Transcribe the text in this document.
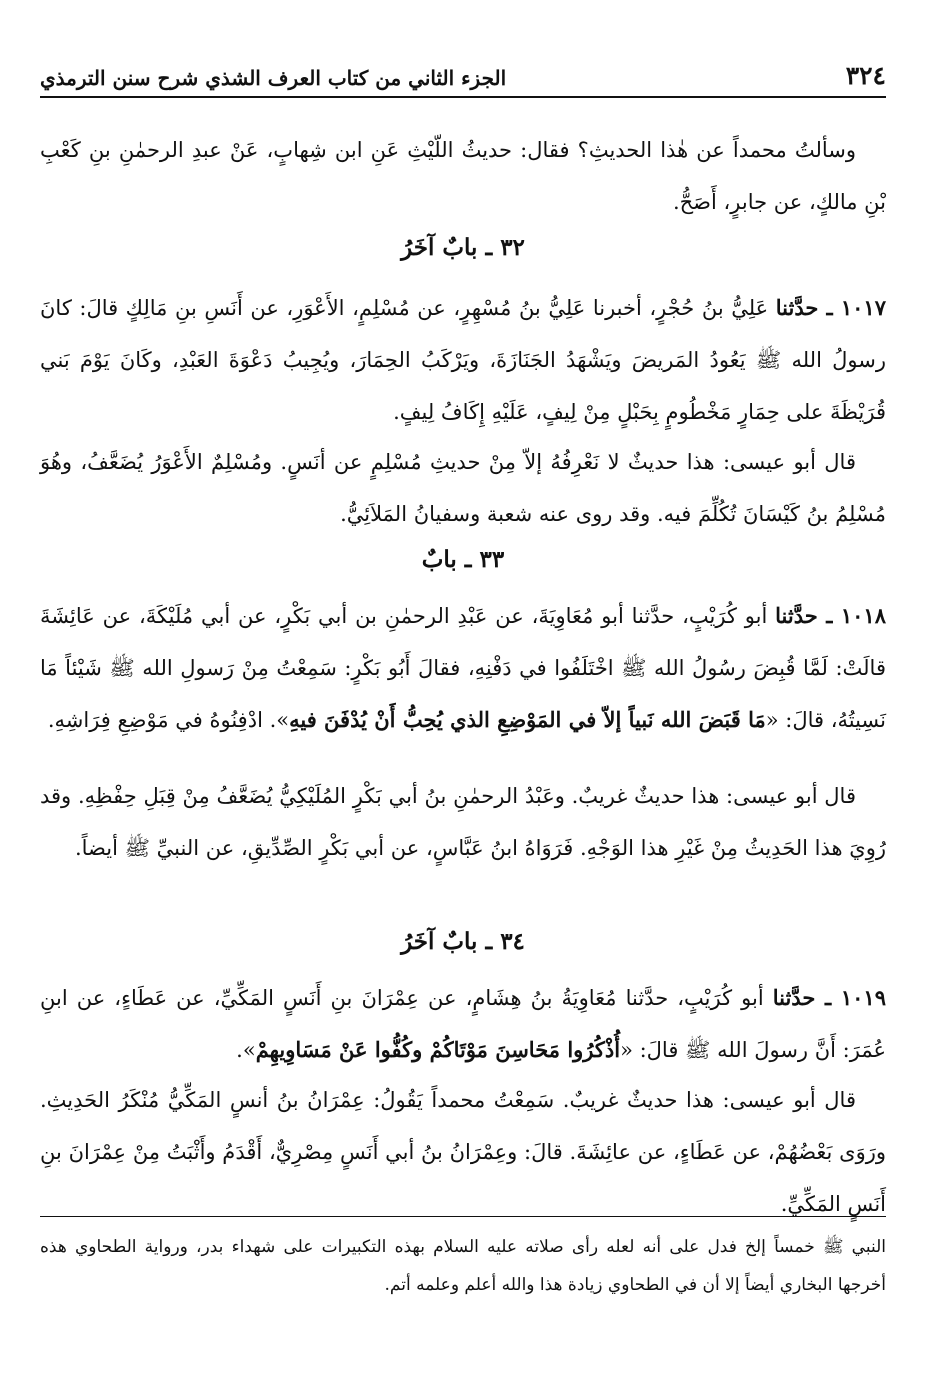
٣٢٤
الجزء الثاني من كتاب العرف الشذي شرح سنن الترمذي
وسألتُ محمداً عن هٰذا الحديثِ؟ فقال: حديثُ اللّيْثِ عَنِ ابن شِهابٍ، عَنْ عبدِ الرحمٰنِ بنِ كَعْبِ بْنِ مالكٍ، عن جابرٍ، أَصَحُّ.
٣٢ ـ بابٌ آخَرُ
١٠١٧ ـ حدَّثنا عَلِيُّ بنُ حُجْرٍ، أخبرنا عَلِيُّ بنُ مُسْهِرٍ، عن مُسْلِمٍ، الأَعْوَرِ، عن أَنَسِ بنِ مَالِكٍ قالَ: كانَ رسولُ الله ﷺ يَعُودُ المَريضَ ويَشْهَدُ الجَنَازَةَ، ويَرْكَبُ الحِمَارَ، ويُجِيبُ دَعْوَةَ العَبْدِ، وكَانَ يَوْمَ بَني قُرَيْظَةَ على حِمَارٍ مَخْطُومٍ بِحَبْلٍ مِنْ لِيفٍ، عَلَيْهِ إِكَافُ لِيفٍ.
قال أبو عيسى: هذا حديثٌ لا نَعْرِفُهُ إلاّ مِنْ حديثِ مُسْلِمٍ عن أنَسٍ. ومُسْلِمٌ الأَعْوَرُ يُضَعَّفُ، وهُوَ مُسْلِمُ بنُ كَيْسَانَ تُكُلِّمَ فيه. وقد روى عنه شعبة وسفيانُ المَلاَئِيُّ.
٣٣ ـ بابٌ
١٠١٨ ـ حدَّثنا أبو كُرَيْبٍ، حدَّثنا أبو مُعَاوِيَةَ، عن عَبْدِ الرحمٰنِ بن أبي بَكْرٍ، عن أبي مُلَيْكَةَ، عن عَائِشَةَ قالَتْ: لَمَّا قُبِضَ رسُولُ الله ﷺ اخْتَلَفُوا في دَفْنِهِ، فقالَ أَبُو بَكْرٍ: سَمِعْتُ مِنْ رَسولِ الله ﷺ شَيْئاً مَا نَسِيتُهُ، قالَ: «مَا قَبَضَ الله نَبياً إلاّ في المَوْضِعِ الذي يُحِبُّ أَنْ يُدْفَنَ فيهِ». ادْفِنُوهُ في مَوْضِعِ فِرَاشِهِ.
قال أبو عيسى: هذا حديثٌ غريبٌ. وعَبْدُ الرحمٰنِ بنُ أبي بَكْرٍ المُلَيْكِيُّ يُضَعَّفُ مِنْ قِبَلِ حِفْظِهِ. وقد رُوِيَ هذا الحَدِيثُ مِنْ غَيْرِ هذا الوَجْهِ. فَرَوَاهُ ابنُ عَبَّاسٍ، عن أبي بَكْرٍ الصِّدِّيقِ، عن النبيِّ ﷺ أيضاً.
٣٤ ـ بابٌ آخَرُ
١٠١٩ ـ حدَّثنا أبو كُرَيْبٍ، حدَّثنا مُعَاوِيَةُ بنُ هِشَامٍ، عن عِمْرَانَ بنِ أَنَسٍ المَكِّيِّ، عن عَطَاءٍ، عن ابنِ عُمَرَ: أَنَّ رسولَ الله ﷺ قالَ: «أُذْكُرُوا مَحَاسِنَ مَوْتَاكُمْ وكُفُّوا عَنْ مَسَاوِيهِمْ».
قال أبو عيسى: هذا حديثٌ غريبٌ. سَمِعْتُ محمداً يَقُولُ: عِمْرَانُ بنُ أنسٍ المَكِّيُّ مُنْكَرُ الحَدِيثِ. ورَوَى بَعْضُهُمْ، عن عَطَاءٍ، عن عائِشَةَ. قالَ: وعِمْرَانُ بنُ أبي أَنَسٍ مِصْرِيٌّ، أَقْدَمُ وأَثْبَتُ مِنْ عِمْرَانَ بنِ أَنَسٍ المَكِّيِّ.
النبي ﷺ خمساً إلخ فدل على أنه لعله رأى صلاته عليه السلام بهذه التكبيرات على شهداء بدر، ورواية الطحاوي هذه أخرجها البخاري أيضاً إلا أن في الطحاوي زيادة هذا والله أعلم وعلمه أتم.
